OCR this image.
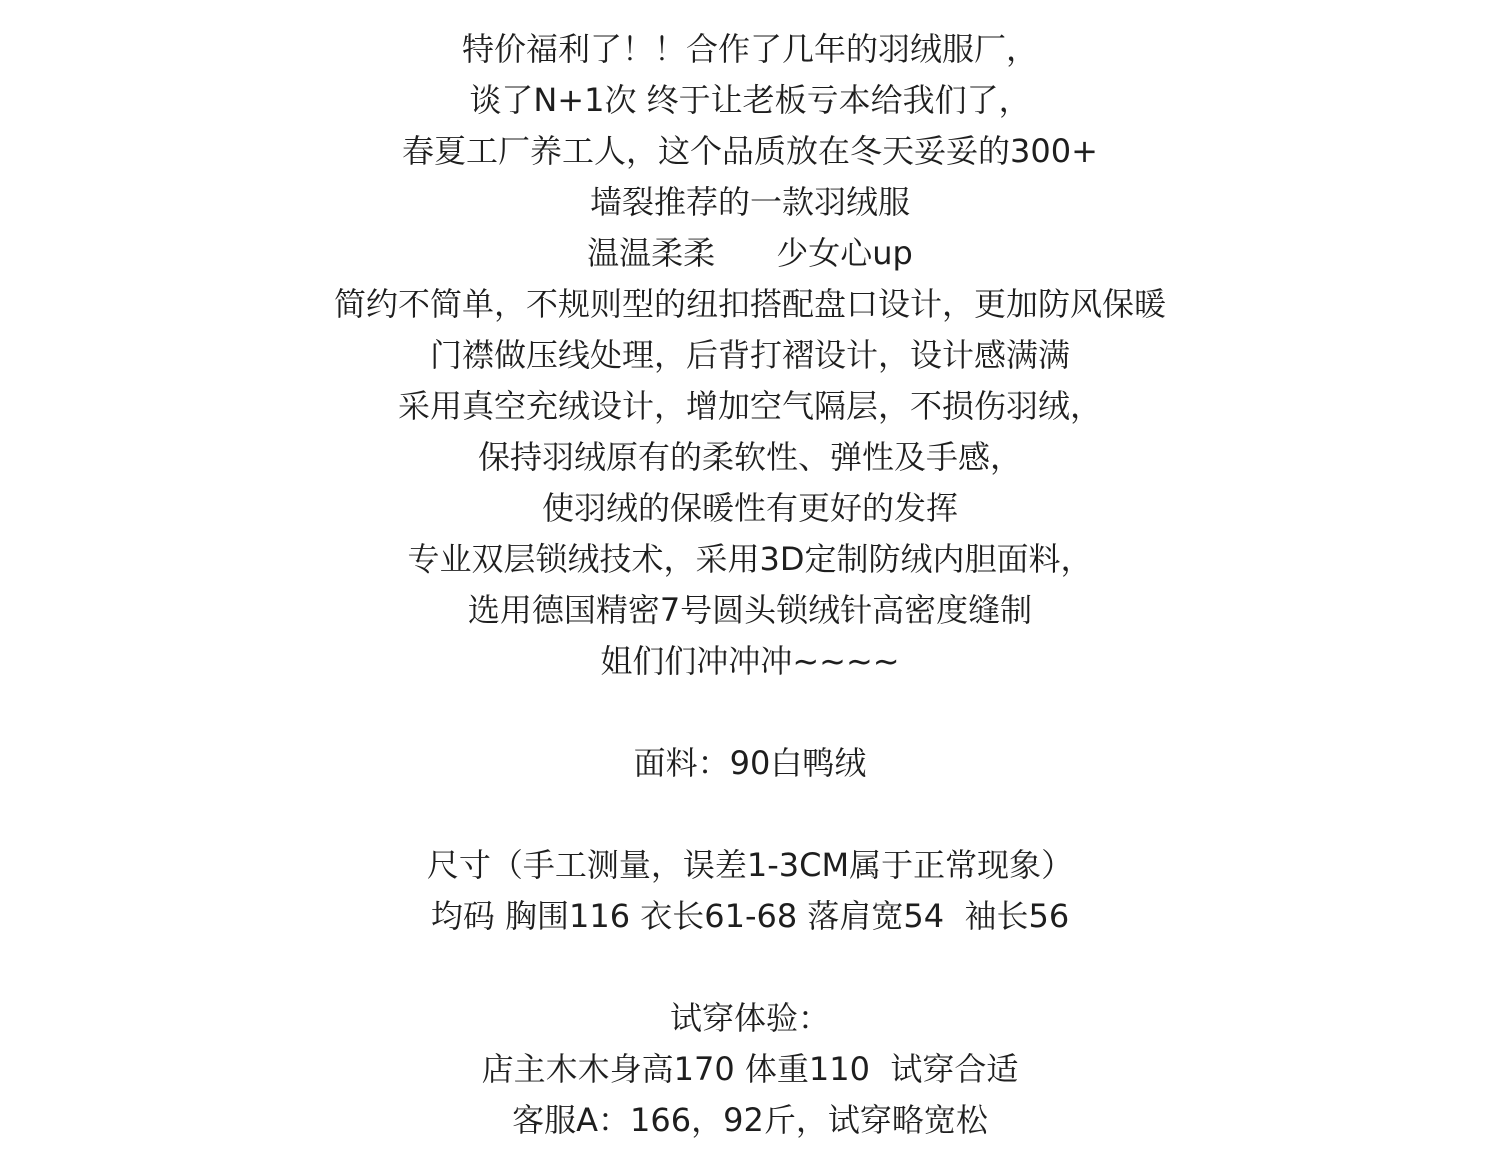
特价福利了！！合作了几年的羽绒服厂，
谈了N+1次 终于让老板亏本给我们了，
春夏工厂养工人，这个品质放在冬天妥妥的300+
墙裂推荐的一款羽绒服
温温柔柔      少女心up
简约不简单，不规则型的纽扣搭配盘口设计，更加防风保暖
门襟做压线处理，后背打褶设计，设计感满满
采用真空充绒设计，增加空气隔层，不损伤羽绒，
保持羽绒原有的柔软性、弹性及手感，
使羽绒的保暖性有更好的发挥
专业双层锁绒技术，采用3D定制防绒内胆面料，
选用德国精密7号圆头锁绒针高密度缝制
姐们们冲冲冲~~~~
面料：90白鸭绒
尺寸（手工测量，误差1-3CM属于正常现象）
均码 胸围116 衣长61-68 落肩宽54  袖长56
试穿体验：
店主木木身高170 体重110  试穿合适
客服A：166，92斤，试穿略宽松
